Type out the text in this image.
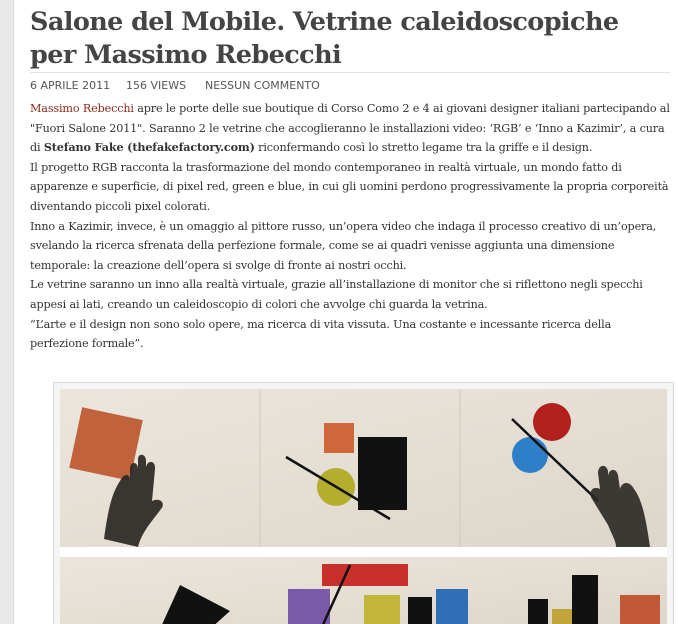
Salone del Mobile. Vetrine caleidoscopiche per Massimo Rebecchi
6 APRILE 2011 156 VIEWS NESSUN COMMENTO

Massimo Rebecchi apre le porte delle sue boutique di Corso Como 2 e 4 ai giovani designer italiani partecipando al "Fuori Salone 2011". Saranno 2 le vetrine che accoglieranno le installazioni video: ‘RGB’ e ‘Inno a Kazimir’, a cura di Stefano Fake (thefakefactory.com) riconfermando così lo stretto legame tra la griffe e il design.

Il progetto RGB racconta la trasformazione del mondo contemporaneo in realtà virtuale, un mondo fatto di apparenze e superficie, di pixel red, green e blue, in cui gli uomini perdono progressivamente la propria corporeità diventando piccoli pixel colorati.

Inno a Kazimir, invece, è un omaggio al pittore russo, un’opera video che indaga il processo creativo di un’opera, svelando la ricerca sfrenata della perfezione formale, come se ai quadri venisse aggiunta una dimensione temporale: la creazione dell’opera si svolge di fronte ai nostri occhi.

Le vetrine saranno un inno alla realtà virtuale, grazie all’installazione di monitor che si riflettono negli specchi appesi ai lati, creando un caleidoscopio di colori che avvolge chi guarda la vetrina.

“L’arte e il design non sono solo opere, ma ricerca di vita vissuta. Una costante e incessante ricerca della perfezione formale”.
